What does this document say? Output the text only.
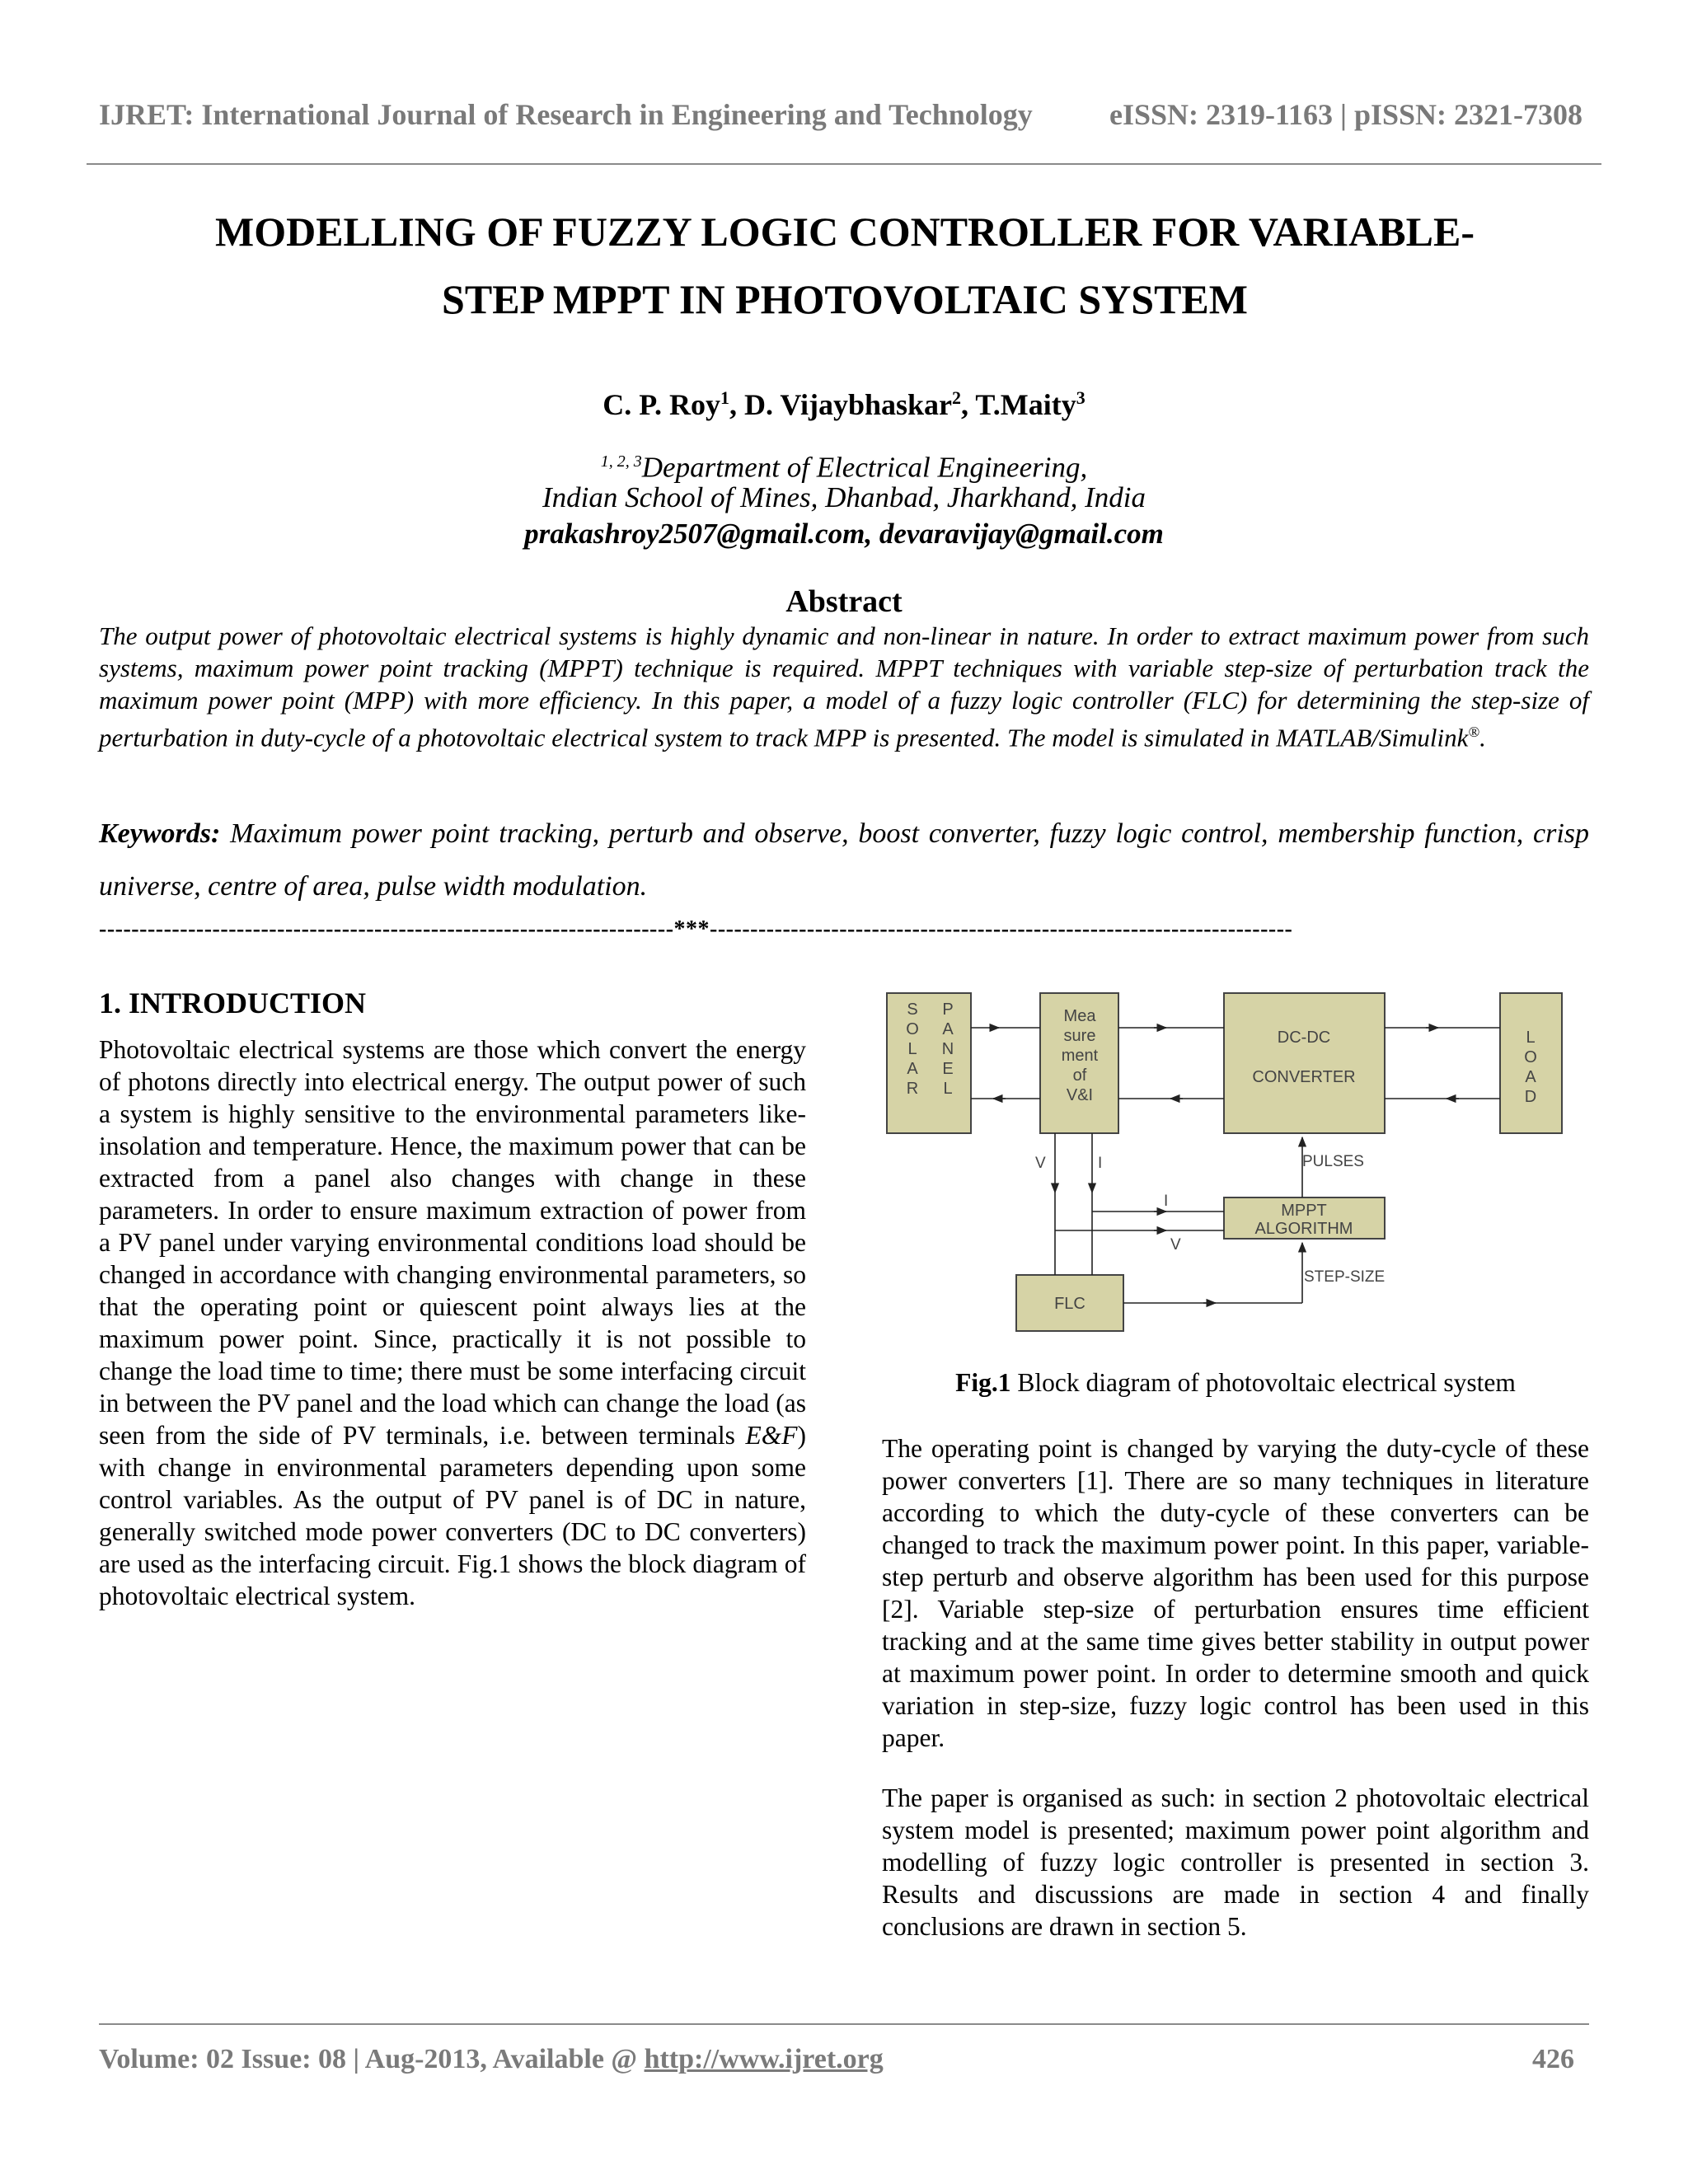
IJRET: International Journal of Research in Engineering and Technology	eISSN: 2319-1163 | pISSN: 2321-7308
MODELLING OF FUZZY LOGIC CONTROLLER FOR VARIABLE-
STEP MPPT IN PHOTOVOLTAIC SYSTEM
C. P. Roy$^1$, D. Vijaybhaskar$^2$, T.Maity$^3$
$^{1, 2, 3}$Department of Electrical Engineering,
Indian School of Mines, Dhanbad, Jharkhand, India
prakashroy2507@gmail.com, devaravijay@gmail.com
Abstract
The output power of photovoltaic electrical systems is highly dynamic and non-linear in nature. In order to extract maximum power from such systems, maximum power point tracking (MPPT) technique is required. MPPT techniques with variable step-size of perturbation track the maximum power point (MPP) with more efficiency. In this paper, a model of a fuzzy logic controller (FLC) for determining the step-size of perturbation in duty-cycle of a photovoltaic electrical system to track MPP is presented. The model is simulated in MATLAB/Simulink®.
Keywords: Maximum power point tracking, perturb and observe, boost converter, fuzzy logic control, membership function, crisp universe, centre of area, pulse width modulation.
-----------------------------------------------------------------------***------------------------------------------------------------------------
1. INTRODUCTION
Photovoltaic electrical systems are those which convert the energy of photons directly into electrical energy. The output power of such a system is highly sensitive to the environmental parameters like- insolation and temperature. Hence, the maximum power that can be extracted from a panel also changes with change in these parameters. In order to ensure maximum extraction of power from a PV panel under varying environmental conditions load should be changed in accordance with changing environmental parameters, so that the operating point or quiescent point always lies at the maximum power point. Since, practically it is not possible to change the load time to time; there must be some interfacing circuit in between the PV panel and the load which can change the load (as seen from the side of PV terminals, i.e. between terminals E&F) with change in environmental parameters depending upon some control variables. As the output of PV panel is of DC in nature, generally switched mode power converters (DC to DC converters) are used as the interfacing circuit. Fig.1 shows the block diagram of photovoltaic electrical system.
S
O
L
A
R
P
A
N
E
L
Mea
sure
ment
of
V&I
DC-DC
CONVERTER
L
O
A
D
MPPT
ALGORITHM
FLC
PULSES
STEP-SIZE
V	I
I
V
Fig.1 Block diagram of photovoltaic electrical system
The operating point is changed by varying the duty-cycle of these power converters [1]. There are so many techniques in literature according to which the duty-cycle of these converters can be changed to track the maximum power point. In this paper, variable-step perturb and observe algorithm has been used for this purpose [2]. Variable step-size of perturbation ensures time efficient tracking and at the same time gives better stability in output power at maximum power point. In order to determine smooth and quick variation in step-size, fuzzy logic control has been used in this paper.
The paper is organised as such: in section 2 photovoltaic electrical system model is presented; maximum power point algorithm and modelling of fuzzy logic controller is presented in section 3. Results and discussions are made in section 4 and finally conclusions are drawn in section 5.
Volume: 02 Issue: 08 | Aug-2013, Available @ http://www.ijret.org	426
